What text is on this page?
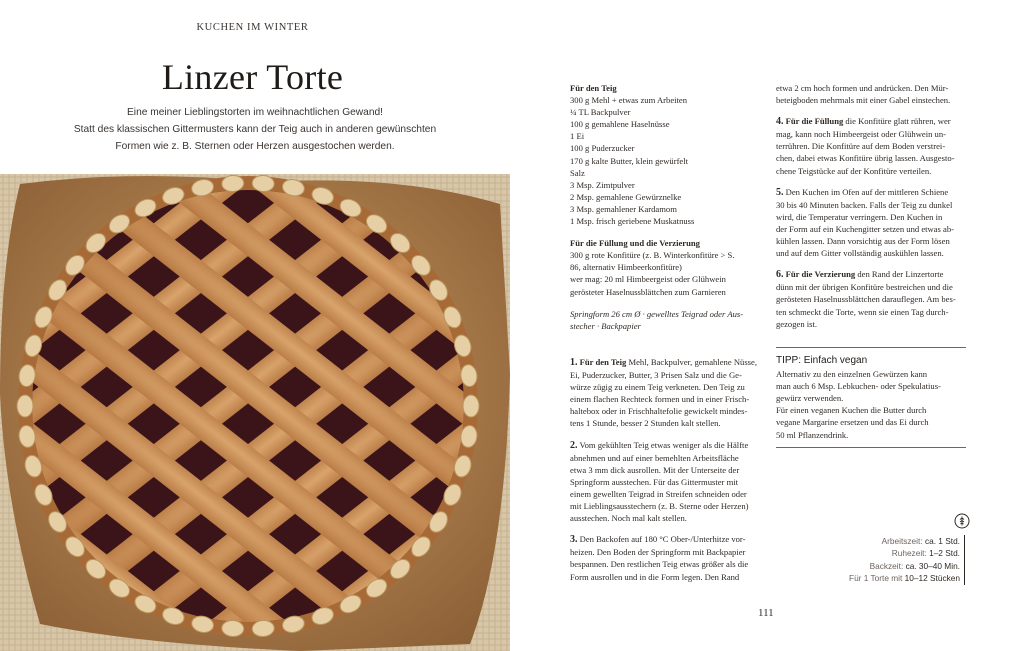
KUCHEN IM WINTER
Linzer Torte
Eine meiner Lieblingstorten im weihnachtlichen Gewand!
Statt des klassischen Gittermusters kann der Teig auch in anderen gewünschten
Formen wie z. B. Sternen oder Herzen ausgestochen werden.
Für den Teig
300 g Mehl + etwas zum Arbeiten
¼ TL Backpulver
100 g gemahlene Haselnüsse
1 Ei
100 g Puderzucker
170 g kalte Butter, klein gewürfelt
Salz
3 Msp. Zimtpulver
2 Msp. gemahlene Gewürznelke
3 Msp. gemahlener Kardamom
1 Msp. frisch geriebene Muskatnuss
Für die Füllung und die Verzierung
300 g rote Konfitüre (z. B. Winterkonfitüre > S.
86, alternativ Himbeerkonfitüre)
wer mag: 20 ml Himbeergeist oder Glühwein
gerösteter Haselnussblättchen zum Garnieren
Springform 26 cm Ø · gewelltes Teigrad oder Aus-
stecher · Backpapier

1. Für den Teig Mehl, Backpulver, gemahlene Nüsse,
Ei, Puderzucker, Butter, 3 Prisen Salz und die Ge-
würze zügig zu einem Teig verkneten. Den Teig zu
einem flachen Rechteck formen und in einer Frisch-
haltebox oder in Frischhaltefolie gewickelt mindes-
tens 1 Stunde, besser 2 Stunden kalt stellen.

2. Vom gekühlten Teig etwas weniger als die Hälfte
abnehmen und auf einer bemehlten Arbeitsfläche
etwa 3 mm dick ausrollen. Mit der Unterseite der
Springform ausstechen. Für das Gittermuster mit
einem gewellten Teigrad in Streifen schneiden oder
mit Lieblingsausstechern (z. B. Sterne oder Herzen)
ausstechen. Noch mal kalt stellen.

3. Den Backofen auf 180 °C Ober-/Unterhitze vor-
heizen. Den Boden der Springform mit Backpapier
bespannen. Den restlichen Teig etwas größer als die
Form ausrollen und in die Form legen. Den Rand

etwa 2 cm hoch formen und andrücken. Den Mür-
beteigboden mehrmals mit einer Gabel einstechen.

4. Für die Füllung die Konfitüre glatt rühren, wer
mag, kann noch Himbeergeist oder Glühwein un-
terrühren. Die Konfitüre auf dem Boden verstrei-
chen, dabei etwas Konfitüre übrig lassen. Ausgesto-
chene Teigstücke auf der Konfitüre verteilen.

5. Den Kuchen im Ofen auf der mittleren Schiene
30 bis 40 Minuten backen. Falls der Teig zu dunkel
wird, die Temperatur verringern. Den Kuchen in
der Form auf ein Kuchengitter setzen und etwas ab-
kühlen lassen. Dann vorsichtig aus der Form lösen
und auf dem Gitter vollständig auskühlen lassen.

6. Für die Verzierung den Rand der Linzertorte
dünn mit der übrigen Konfitüre bestreichen und die
gerösteten Haselnussblättchen darauflegen. Am bes-
ten schmeckt die Torte, wenn sie einen Tag durch-
gezogen ist.

TIPP: Einfach vegan
Alternativ zu den einzelnen Gewürzen kann
man auch 6 Msp. Lebkuchen- oder Spekulatius-
gewürz verwenden.
Für einen veganen Kuchen die Butter durch
vegane Margarine ersetzen und das Ei durch
50 ml Pflanzendrink.
Arbeitszeit: ca. 1 Std.
Ruhezeit: 1–2 Std.
Backzeit: ca. 30–40 Min.
Für 1 Torte mit 10–12 Stücken
111
